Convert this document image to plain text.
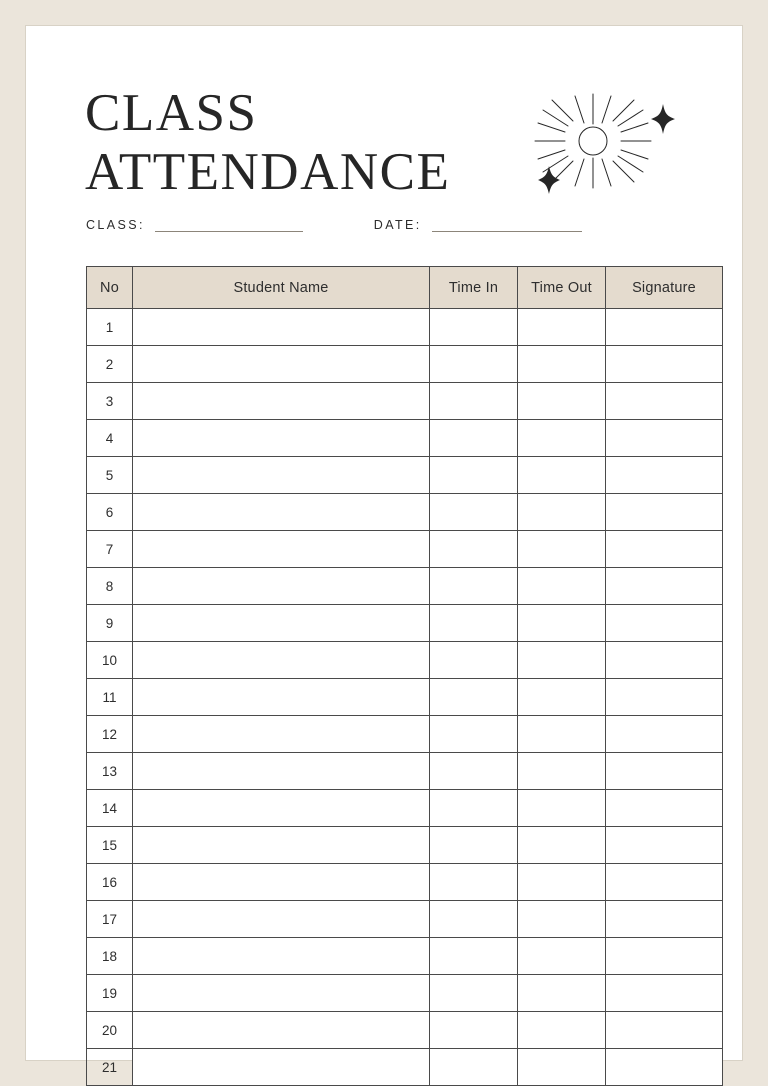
CLASS
ATTENDANCE
CLASS:
	DATE:
No	Student Name	Time In	Time Out	Signature
1				
2				
3				
4				
5				
6				
7				
8				
9				
10				
11				
12				
13				
14				
15				
16				
17				
18				
19				
20				
21				
